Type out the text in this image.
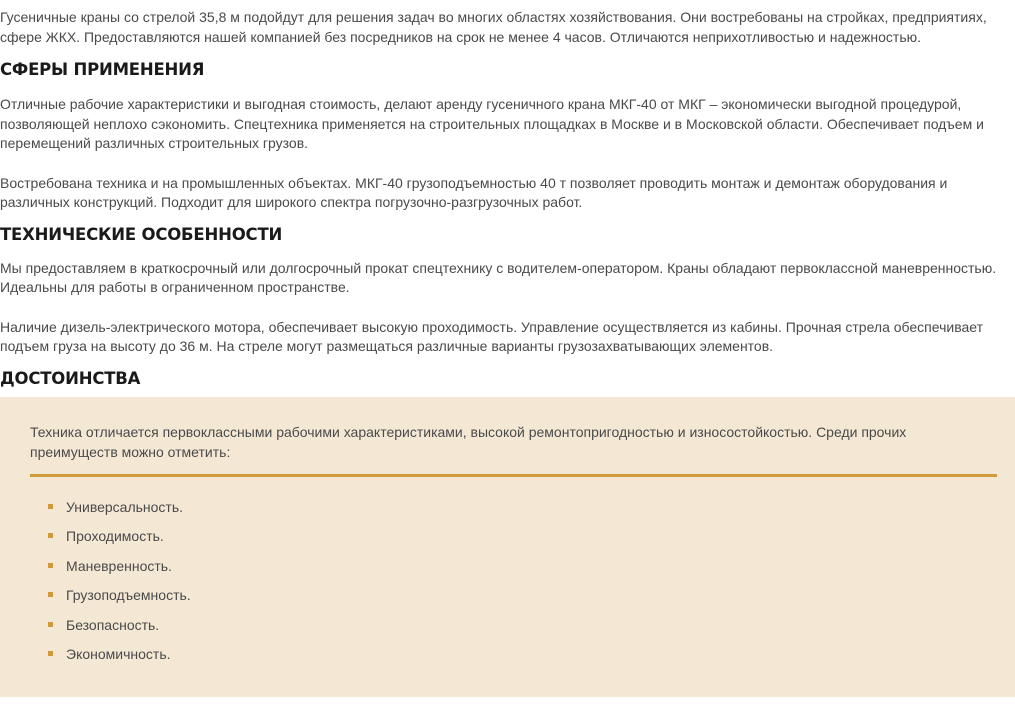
Гусеничные краны со стрелой 35,8 м подойдут для решения задач во многих областях хозяйствования. Они востребованы на стройках, предприятиях, сфере ЖКХ. Предоставляются нашей компанией без посредников на срок не менее 4 часов. Отличаются неприхотливостью и надежностью.

СФЕРЫ ПРИМЕНЕНИЯ

Отличные рабочие характеристики и выгодная стоимость, делают аренду гусеничного крана МКГ-40 от МКГ – экономически выгодной процедурой, позволяющей неплохо сэкономить. Спецтехника применяется на строительных площадках в Москве и в Московской области. Обеспечивает подъем и перемещений различных строительных грузов.

Востребована техника и на промышленных объектах. МКГ-40 грузоподъемностью 40 т позволяет проводить монтаж и демонтаж оборудования и различных конструкций. Подходит для широкого спектра погрузочно-разгрузочных работ.

ТЕХНИЧЕСКИЕ ОСОБЕННОСТИ

Мы предоставляем в краткосрочный или долгосрочный прокат спецтехнику с водителем-оператором. Краны обладают первоклассной маневренностью. Идеальны для работы в ограниченном пространстве.

Наличие дизель-электрического мотора, обеспечивает высокую проходимость. Управление осуществляется из кабины. Прочная стрела обеспечивает подъем груза на высоту до 36 м. На стреле могут размещаться различные варианты грузозахватывающих элементов.

ДОСТОИНСТВА

Техника отличается первоклассными рабочими характеристиками, высокой ремонтопригодностью и износостойкостью. Среди прочих преимуществ можно отметить:

Универсальность.
Проходимость.
Маневренность.
Грузоподъемность.
Безопасность.
Экономичность.
